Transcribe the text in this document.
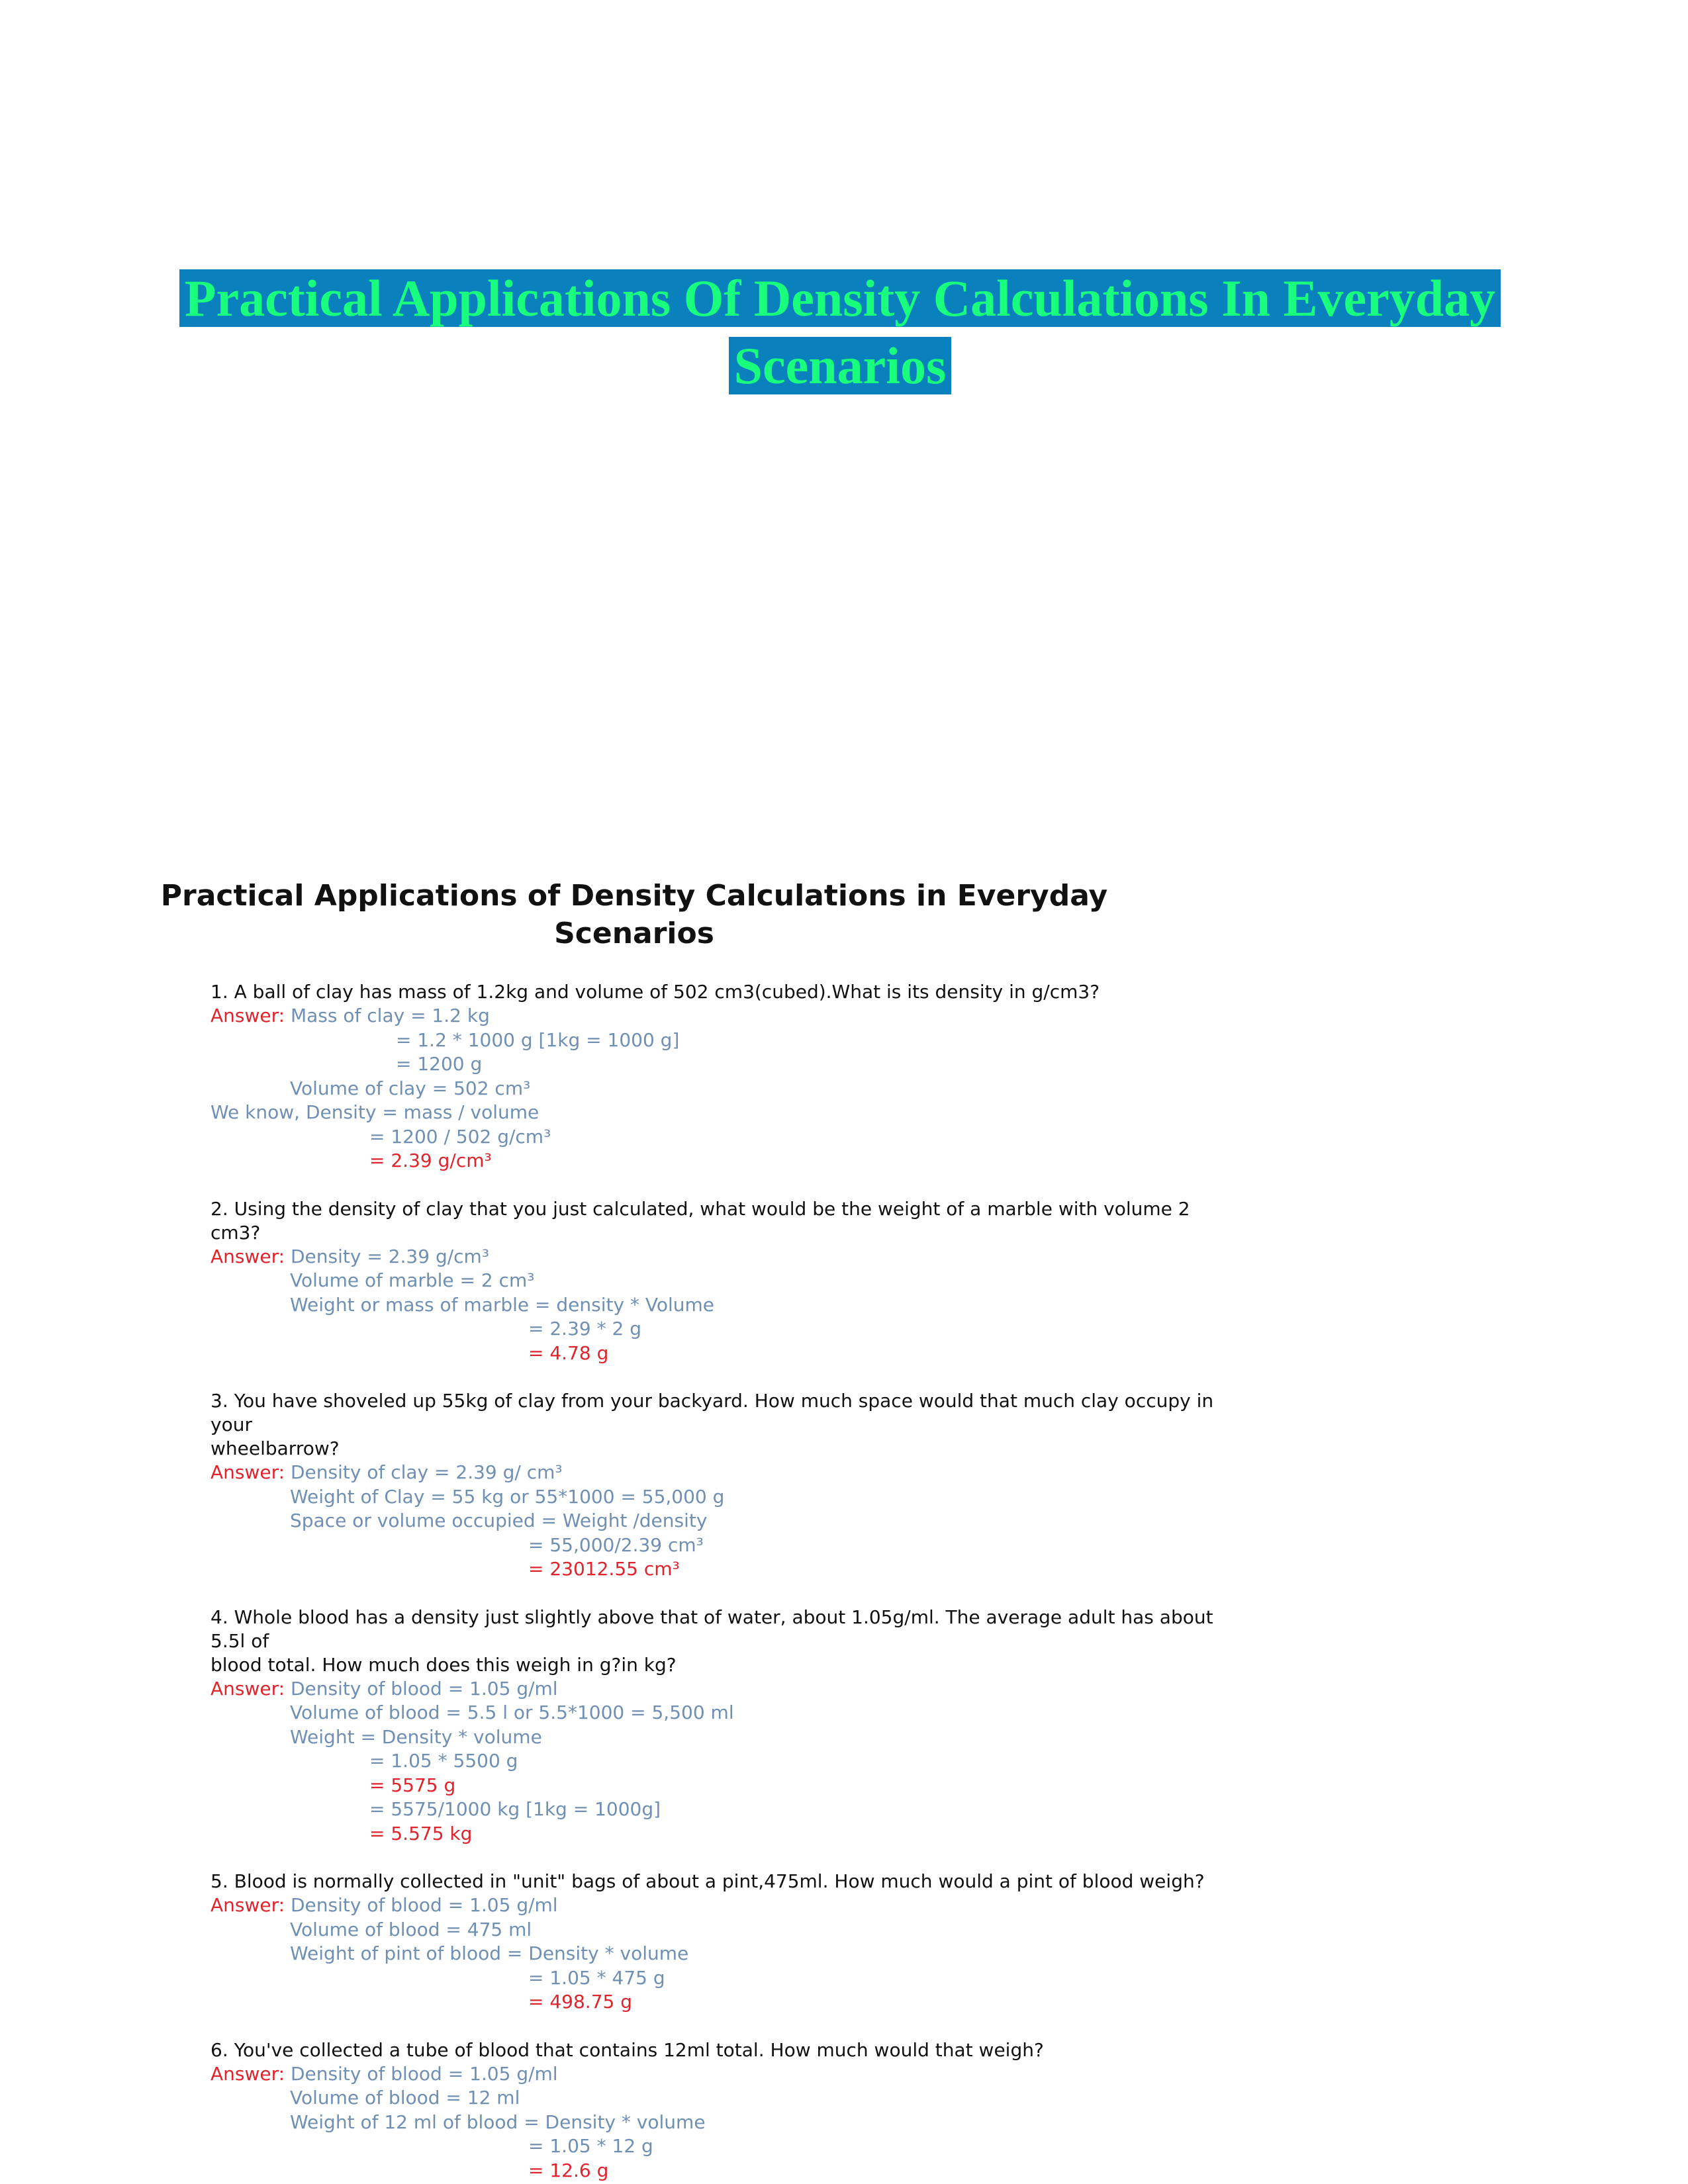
Practical Applications Of Density Calculations In Everyday
Scenarios
Practical Applications of Density Calculations in Everyday
Scenarios

1. A ball of clay has mass of 1.2kg and volume of 502 cm3(cubed).What is its density in g/cm3?

Answer: Mass of clay = 1.2 kg
= 1.2 * 1000 g [1kg = 1000 g]
= 1200 g
Volume of clay = 502 cm³
We know, Density = mass / volume
= 1200 / 502 g/cm³
= 2.39 g/cm³

2. Using the density of clay that you just calculated, what would be the weight of a marble with volume 2 cm3?

Answer: Density = 2.39 g/cm³
Volume of marble = 2 cm³
Weight or mass of marble = density * Volume
= 2.39 * 2 g
= 4.78 g

3. You have shoveled up 55kg of clay from your backyard. How much space would that much clay occupy in your

wheelbarrow?

Answer: Density of clay = 2.39 g/ cm³
Weight of Clay = 55 kg or 55*1000 = 55,000 g
Space or volume occupied = Weight /density
= 55,000/2.39 cm³
= 23012.55 cm³

4. Whole blood has a density just slightly above that of water, about 1.05g/ml. The average adult has about 5.5l of

blood total. How much does this weigh in g?in kg?

Answer: Density of blood = 1.05 g/ml
Volume of blood = 5.5 l or 5.5*1000 = 5,500 ml
Weight = Density * volume
= 1.05 * 5500 g
= 5575 g
= 5575/1000 kg [1kg = 1000g]
= 5.575 kg

5. Blood is normally collected in "unit" bags of about a pint,475ml. How much would a pint of blood weigh?

Answer: Density of blood = 1.05 g/ml
Volume of blood = 475 ml
Weight of pint of blood = Density * volume
= 1.05 * 475 g
= 498.75 g

6. You've collected a tube of blood that contains 12ml total. How much would that weigh?

Answer: Density of blood = 1.05 g/ml
Volume of blood = 12 ml
Weight of 12 ml of blood = Density * volume
= 1.05 * 12 g
= 12.6 g
